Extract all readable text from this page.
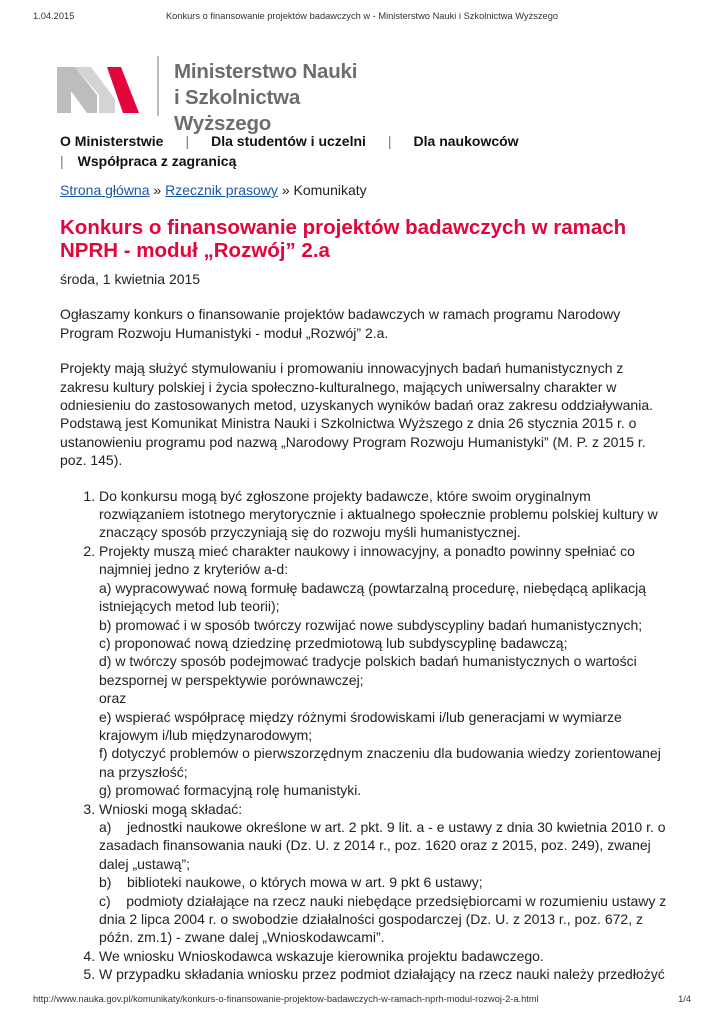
1.04.2015	Konkurs o finansowanie projektów badawczych w - Ministerstwo Nauki i Szkolnictwa Wyższego
Ministerstwo Nauki
i Szkolnictwa Wyższego
O Ministerstwie | Dla studentów i uczelni | Dla naukowców
| Współpraca z zagranicą
Strona główna » Rzecznik prasowy » Komunikaty
Konkurs o finansowanie projektów badawczych w ramach NPRH - moduł „Rozwój” 2.a

środa, 1 kwietnia 2015

Ogłaszamy konkurs o finansowanie projektów badawczych w ramach programu Narodowy Program Rozwoju Humanistyki - moduł „Rozwój” 2.a.

Projekty mają służyć stymulowaniu i promowaniu innowacyjnych badań humanistycznych z zakresu kultury polskiej i życia społeczno-kulturalnego, mających uniwersalny charakter w odniesieniu do zastosowanych metod, uzyskanych wyników badań oraz zakresu oddziaływania. Podstawą jest Komunikat Ministra Nauki i Szkolnictwa Wyższego z dnia 26 stycznia 2015 r. o ustanowieniu programu pod nazwą „Narodowy Program Rozwoju Humanistyki” (M. P. z 2015 r. poz. 145).

1. Do konkursu mogą być zgłoszone projekty badawcze, które swoim oryginalnym rozwiązaniem istotnego merytorycznie i aktualnego społecznie problemu polskiej kultury w znaczący sposób przyczyniają się do rozwoju myśli humanistycznej.
2. Projekty muszą mieć charakter naukowy i innowacyjny, a ponadto powinny spełniać co najmniej jedno z kryteriów a-d:
a) wypracowywać nową formułę badawczą (powtarzalną procedurę, niebędącą aplikacją istniejących metod lub teorii);
b) promować i w sposób twórczy rozwijać nowe subdyscypliny badań humanistycznych;
c) proponować nową dziedzinę przedmiotową lub subdyscyplinę badawczą;
d) w twórczy sposób podejmować tradycje polskich badań humanistycznych o wartości bezspornej w perspektywie porównawczej;
oraz
e) wspierać współpracę między różnymi środowiskami i/lub generacjami w wymiarze krajowym i/lub międzynarodowym;
f) dotyczyć problemów o pierwszorzędnym znaczeniu dla budowania wiedzy zorientowanej na przyszłość;
g) promować formacyjną rolę humanistyki.
3. Wnioski mogą składać:
a)    jednostki naukowe określone w art. 2 pkt. 9 lit. a - e ustawy z dnia 30 kwietnia 2010 r. o zasadach finansowania nauki (Dz. U. z 2014 r., poz. 1620 oraz z 2015, poz. 249), zwanej dalej „ustawą”;
b)    biblioteki naukowe, o których mowa w art. 9 pkt 6 ustawy;
c)    podmioty działające na rzecz nauki niebędące przedsiębiorcami w rozumieniu ustawy z dnia 2 lipca 2004 r. o swobodzie działalności gospodarczej (Dz. U. z 2013 r., poz. 672, z późn. zm.1) - zwane dalej „Wnioskodawcami”.
4. We wniosku Wnioskodawca wskazuje kierownika projektu badawczego.
5. W przypadku składania wniosku przez podmiot działający na rzecz nauki należy przedłożyć
http://www.nauka.gov.pl/komunikaty/konkurs-o-finansowanie-projektow-badawczych-w-ramach-nprh-modul-rozwoj-2-a.html	1/4
